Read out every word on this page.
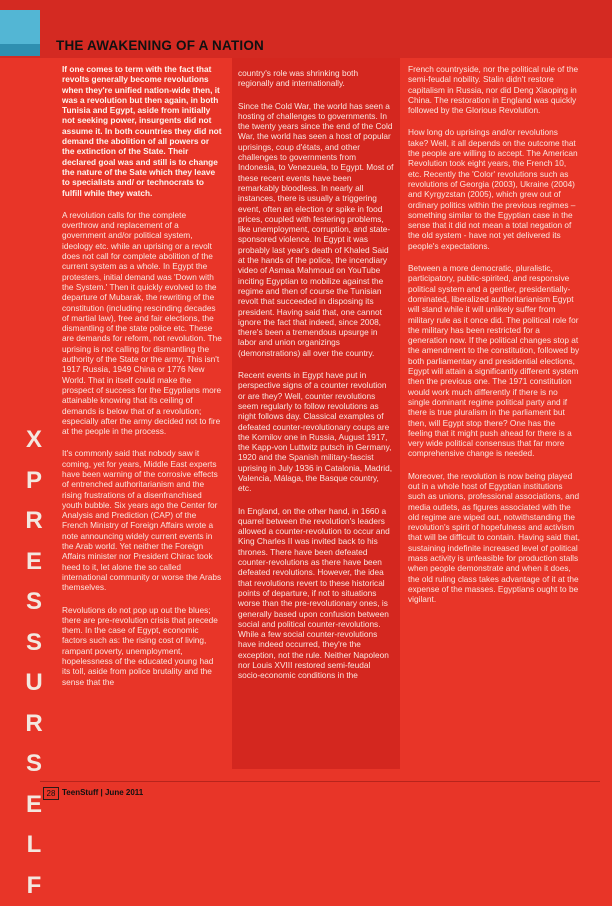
THE AWAKENING OF A NATION
X
P
R
E
S
S
U
R
S
E
L
F

If one comes to term with the fact that revolts generally become revolutions when they're unified nation-wide then, it was a revolution but then again, in both Tunisia and Egypt, aside from initially not seeking power, insurgents did not assume it. In both countries they did not demand the abolition of all powers or the extinction of the State. Their declared goal was and still is to change the nature of the Sate which they leave to specialists and/ or technocrats to fulfill while they watch.

A revolution calls for the complete overthrow and replacement of a government and/or political system, ideology etc. while an uprising or a revolt does not call for complete abolition of the current system as a whole. In Egypt the protesters, initial demand was 'Down with the System.' Then it quickly evolved to the departure of Mubarak, the rewriting of the constitution (including rescinding decades of martial law), free and fair elections, the dismantling of the state police etc. These are demands for reform, not revolution. The uprising is not calling for dismantling the authority of the State or the army. This isn't 1917 Russia, 1949 China or 1776 New World. That in itself could make the prospect of success for the Egyptians more attainable knowing that its ceiling of demands is below that of a revolution; especially after the army decided not to fire at the people in the process.

It's commonly said that nobody saw it coming, yet for years, Middle East experts have been warning of the corrosive effects of entrenched authoritarianism and the rising frustrations of a disenfranchised youth bubble. Six years ago the Center for Analysis and Prediction (CAP) of the French Ministry of Foreign Affairs wrote a note announcing widely current events in the Arab world. Yet neither the Foreign Affairs minister nor President Chirac took heed to it, let alone the so called international community or worse the Arabs themselves.

Revolutions do not pop up out the blues; there are pre-revolution crisis that precede them. In the case of Egypt, economic factors such as: the rising cost of living, rampant poverty, unemployment, hopelessness of the educated young had its toll, aside from police brutality and the sense that the

country's role was shrinking both regionally and internationally.

Since the Cold War, the world has seen a hosting of challenges to governments. In the twenty years since the end of the Cold War, the world has seen a host of popular uprisings, coup d'états, and other challenges to governments from Indonesia, to Venezuela, to Egypt. Most of these recent events have been remarkably bloodless. In nearly all instances, there is usually a triggering event, often an election or spike in food prices, coupled with festering problems, like unemployment, corruption, and state-sponsored violence. In Egypt it was probably last year's death of Khaled Said at the hands of the police, the incendiary video of Asmaa Mahmoud on YouTube inciting Egyptian to mobilize against the regime and then of course the Tunisian revolt that succeeded in disposing its president. Having said that, one cannot ignore the fact that indeed, since 2008, there's been a tremendous upsurge in labor and union organizings (demonstrations) all over the country.

Recent events in Egypt have put in perspective signs of a counter revolution or are they? Well, counter revolutions seem regularly to follow revolutions as night follows day. Classical examples of defeated counter-revolutionary coups are the Kornilov one in Russia, August 1917, the Kapp-von Luttwitz putsch in Germany, 1920 and the Spanish military-fascist uprising in July 1936 in Catalonia, Madrid, Valencia, Málaga, the Basque country, etc.

In England, on the other hand, in 1660 a quarrel between the revolution's leaders allowed a counter-revolution to occur and King Charles II was invited back to his thrones. There have been defeated counter-revolutions as there have been defeated revolutions. However, the idea that revolutions revert to these historical points of departure, if not to situations worse than the pre-revolutionary ones, is generally based upon confusion between social and political counter-revolutions. While a few social counter-revolutions have indeed occurred, they're the exception, not the rule. Neither Napoleon nor Louis XVIII restored semi-feudal socio-economic conditions in the

French countryside, nor the political rule of the semi-feudal nobility. Stalin didn't restore capitalism in Russia, nor did Deng Xiaoping in China. The restoration in England was quickly followed by the Glorious Revolution.

How long do uprisings and/or revolutions take? Well, it all depends on the outcome that the people are willing to accept. The American Revolution took eight years, the French 10, etc. Recently the 'Color' revolutions such as revolutions of Georgia (2003), Ukraine (2004) and Kyrgyzstan (2005), which grew out of ordinary politics within the previous regimes – something similar to the Egyptian case in the sense that it did not mean a total negation of the old system - have not yet delivered its people's expectations.

Between a more democratic, pluralistic, participatory, public-spirited, and responsive political system and a gentler, presidentially-dominated, liberalized authoritarianism Egypt will stand while it will unlikely suffer from military rule as it once did. The political role for the military has been restricted for a generation now. If the political changes stop at the amendment to the constitution, followed by both parliamentary and presidential elections, Egypt will attain a significantly different system then the previous one. The 1971 constitution would work much differently if there is no single dominant regime political party and if there is true pluralism in the parliament but then, will Egypt stop there? One has the feeling that it might push ahead for there is a very wide political consensus that far more comprehensive change is needed.

Moreover, the revolution is now being played out in a whole host of Egyptian institutions such as unions, professional associations, and media outlets, as figures associated with the old regime are wiped out, notwithstanding the revolution's spirit of hopefulness and activism that will be difficult to contain. Having said that, sustaining indefinite increased level of political mass activity is unfeasible for production stalls when people demonstrate and when it does, the old ruling class takes advantage of it at the expense of the masses. Egyptians ought to be vigilant.

28 TeenStuff | June 2011
